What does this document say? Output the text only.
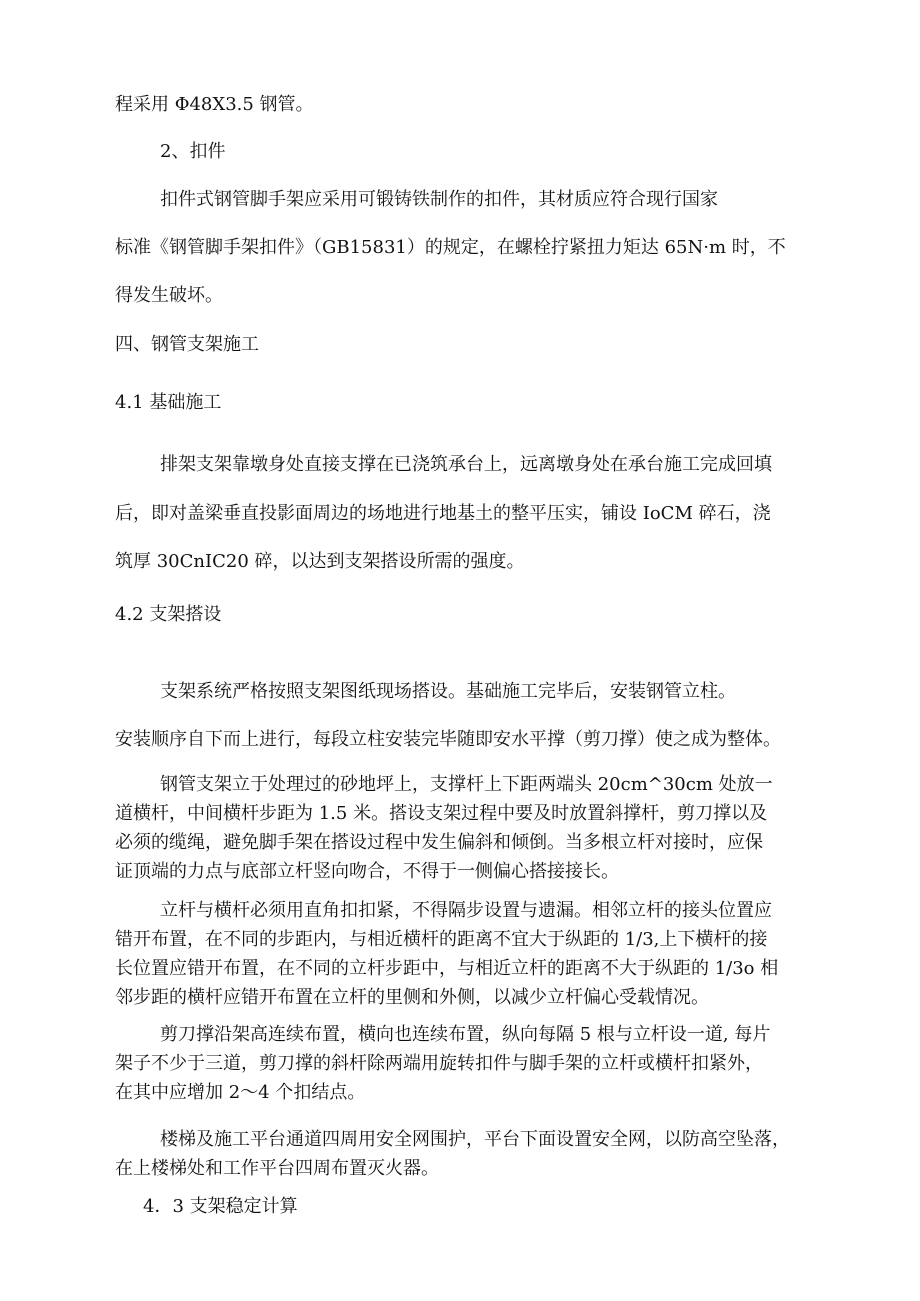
程采用 Φ48X3.5 钢管。
2、扣件
扣件式钢管脚手架应采用可锻铸铁制作的扣件，其材质应符合现行国家
标准《钢管脚手架扣件》（GB15831）的规定，在螺栓拧紧扭力矩达 65N·m 时，不
得发生破坏。
四、钢管支架施工
4.1 基础施工
排架支架靠墩身处直接支撑在已浇筑承台上，远离墩身处在承台施工完成回填
后，即对盖梁垂直投影面周边的场地进行地基土的整平压实，铺设 IoCM 碎石，浇
筑厚 30CnIC20 碎，以达到支架搭设所需的强度。
4.2 支架搭设
支架系统严格按照支架图纸现场搭设。基础施工完毕后，安装钢管立柱。
安装顺序自下而上进行，每段立柱安装完毕随即安水平撑（剪刀撑）使之成为整体。
钢管支架立于处理过的砂地坪上，支撑杆上下距两端头 20cm^30cm 处放一
道横杆，中间横杆步距为 1.5 米。搭设支架过程中要及时放置斜撑杆，剪刀撑以及
必须的缆绳，避免脚手架在搭设过程中发生偏斜和倾倒。当多根立杆对接时，应保
证顶端的力点与底部立杆竖向吻合，不得于一侧偏心搭接接长。
立杆与横杆必须用直角扣扣紧，不得隔步设置与遗漏。相邻立杆的接头位置应
错开布置，在不同的步距内，与相近横杆的距离不宜大于纵距的 1/3,上下横杆的接
长位置应错开布置，在不同的立杆步距中，与相近立杆的距离不大于纵距的 1/3o 相
邻步距的横杆应错开布置在立杆的里侧和外侧，以减少立杆偏心受载情况。
剪刀撑沿架高连续布置，横向也连续布置，纵向每隔 5 根与立杆设一道, 每片
架子不少于三道，剪刀撑的斜杆除两端用旋转扣件与脚手架的立杆或横杆扣紧外，
在其中应增加 2～4 个扣结点。
楼梯及施工平台通道四周用安全网围护，平台下面设置安全网，以防高空坠落，
在上楼梯处和工作平台四周布置灭火器。
4．3 支架稳定计算
